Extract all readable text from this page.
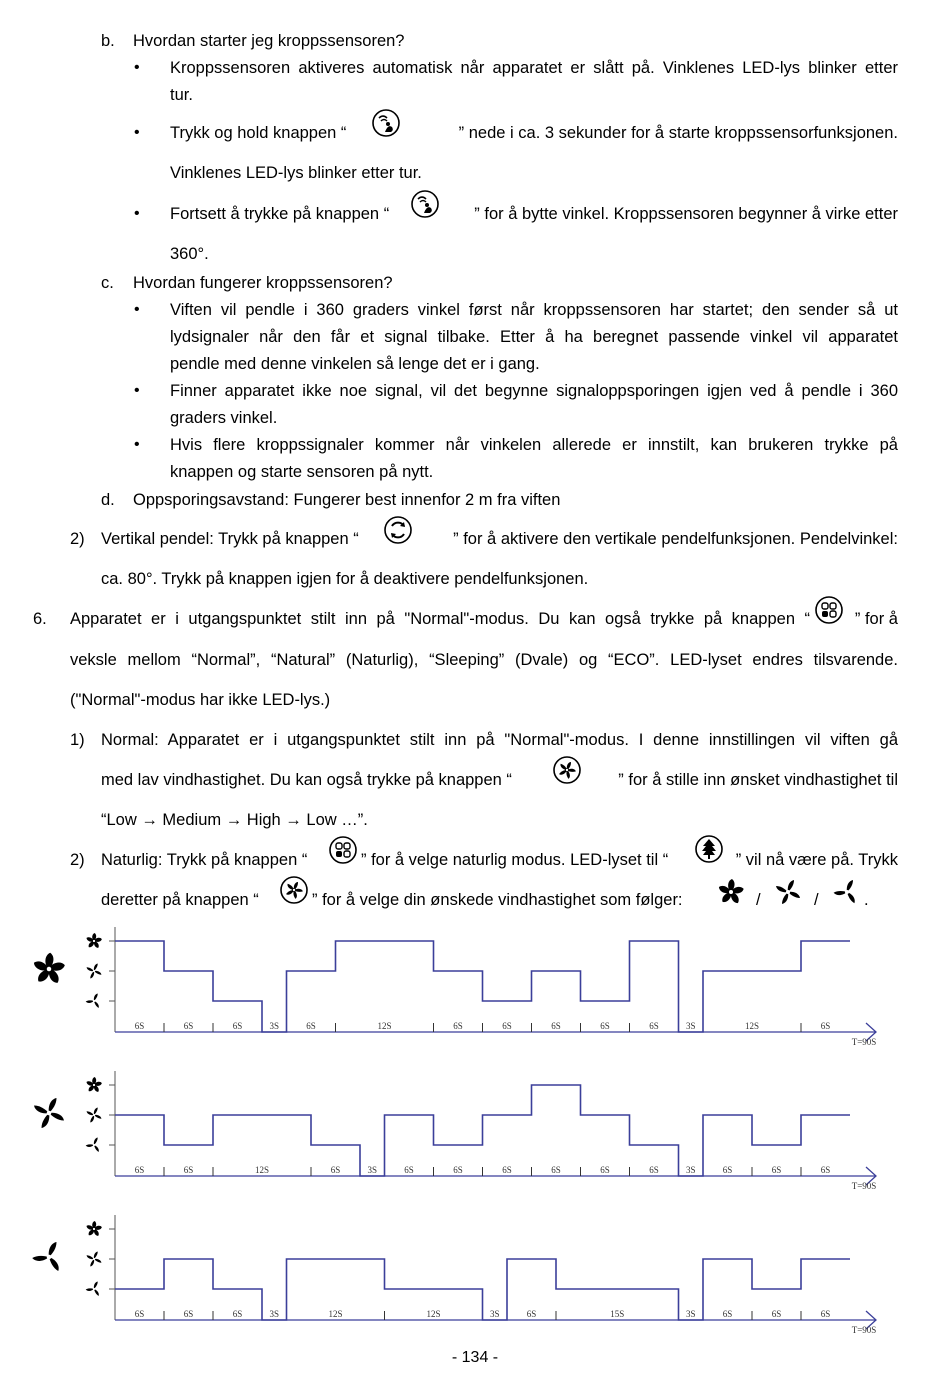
b. Hvordan starter jeg kroppssensoren?
• Kroppssensoren aktiveres automatisk når apparatet er slått på. Vinklenes LED-lys blinker etter
tur.
• Trykk og hold knappen “	” nede i ca. 3 sekunder for å starte kroppssensorfunksjonen.
Vinklenes LED-lys blinker etter tur.
• Fortsett å trykke på knappen “	” for å bytte vinkel. Kroppssensoren begynner å virke etter
360°.
c. Hvordan fungerer kroppssensoren?
• Viften vil pendle i 360 graders vinkel først når kroppssensoren har startet; den sender så ut
lydsignaler når den får et signal tilbake. Etter å ha beregnet passende vinkel vil apparatet
pendle med denne vinkelen så lenge det er i gang.
• Finner apparatet ikke noe signal, vil det begynne signaloppsporingen igjen ved å pendle i 360
graders vinkel.
• Hvis flere kroppssignaler kommer når vinkelen allerede er innstilt, kan brukeren trykke på
knappen og starte sensoren på nytt.
d. Oppsporingsavstand: Fungerer best innenfor 2 m fra viften
2) Vertikal pendel: Trykk på knappen “	” for å aktivere den vertikale pendelfunksjonen. Pendelvinkel:
ca. 80°. Trykk på knappen igjen for å deaktivere pendelfunksjonen.
6. Apparatet er i utgangspunktet stilt inn på "Normal"-modus. Du kan også trykke på knappen “	” for å
veksle mellom “Normal”, “Natural” (Naturlig), “Sleeping” (Dvale) og “ECO”. LED-lyset endres tilsvarende.
("Normal"-modus har ikke LED-lys.)
1) Normal: Apparatet er i utgangspunktet stilt inn på "Normal"-modus. I denne innstillingen vil viften gå
med lav vindhastighet. Du kan også trykke på knappen “	” for å stille inn ønsket vindhastighet til
“Low → Medium → High → Low …”.
2) Naturlig: Trykk på knappen “	” for å velge naturlig modus. LED-lyset til “	” vil nå være på. Trykk
deretter på knappen “	” for å velge din ønskede vindhastighet som følger:	/	/	.
6S	6S	6S	3S	6S	12S	6S	6S	6S	6S	6S	3S	12S	6S
T=90S
6S	6S	12S	6S	3S	6S	6S	6S	6S	6S	6S	3S	6S	6S	6S
T=90S
6S	6S	6S	3S	12S	12S	3S	6S	15S	3S	6S	6S	6S
T=90S
- 134 -
